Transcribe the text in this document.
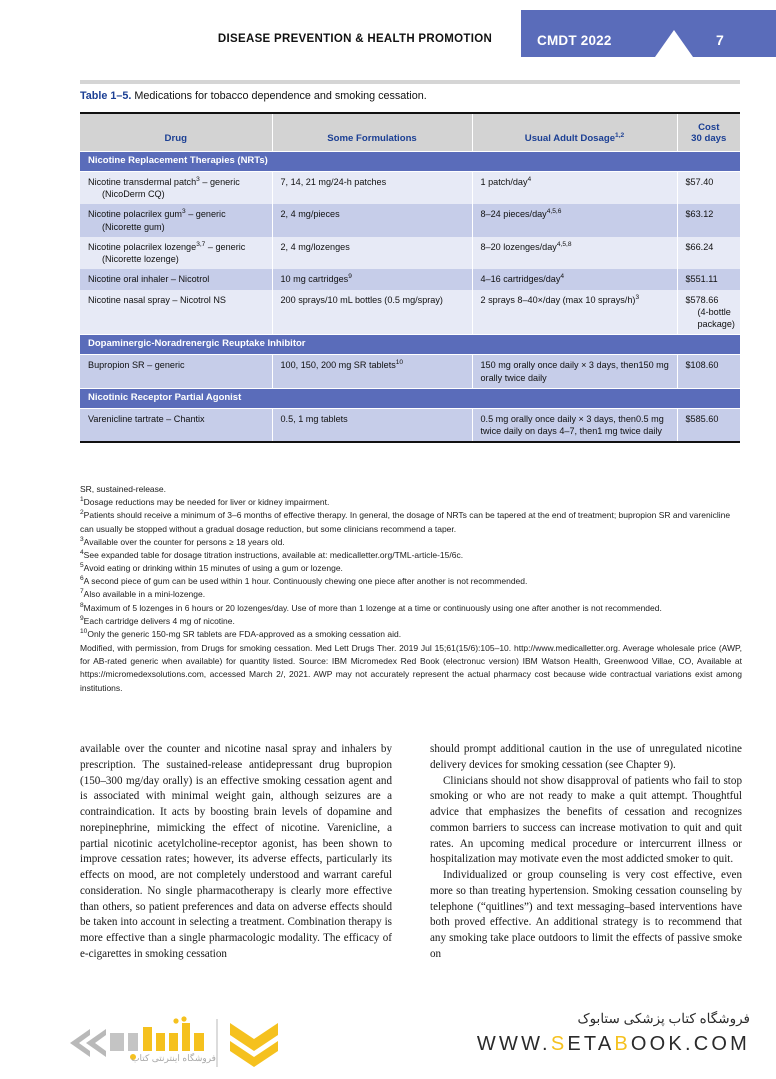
DISEASE PREVENTION & HEALTH PROMOTION	CMDT 2022	7
Table 1–5. Medications for tobacco dependence and smoking cessation.
Drug	Some Formulations	Usual Adult Dosage$^{1,2}$	Cost
30 days
Nicotine Replacement Therapies (NRTs)			
Nicotine transdermal patch$^3$ – generic
(NicoDerm CQ)	7, 14, 21 mg/24-h patches	1 patch/day$^4$	$57.40
Nicotine polacrilex gum$^3$ – generic
(Nicorette gum)	2, 4 mg/pieces	8–24 pieces/day$^{4,5,6}$	$63.12
Nicotine polacrilex lozenge$^{3,7}$ – generic
(Nicorette lozenge)	2, 4 mg/lozenges	8–20 lozenges/day$^{4,5,8}$	$66.24
Nicotine oral inhaler – Nicotrol	10 mg cartridges$^9$	4–16 cartridges/day$^4$	$551.11
Nicotine nasal spray – Nicotrol NS	200 sprays/10 mL bottles (0.5 mg/spray)	2 sprays 8–40×/day (max 10 sprays/h)$^3$	$578.66
(4-bottle
package)

Dopaminergic-Noradrenergic Reuptake Inhibitor			
Bupropion SR – generic	100, 150, 200 mg SR tablets$^{10}$	150 mg orally once daily × 3 days, then150 mg orally twice daily	$108.60
Nicotinic Receptor Partial Agonist			
Varenicline tartrate – Chantix	0.5, 1 mg tablets	0.5 mg orally once daily × 3 days, then0.5 mg twice daily on days 4–7, then1 mg twice daily	$585.60

SR, sustained-release.

$^1$Dosage reductions may be needed for liver or kidney impairment.

$^2$Patients should receive a minimum of 3–6 months of effective therapy. In general, the dosage of NRTs can be tapered at the end of treatment; bupropion SR and varenicline can usually be stopped without a gradual dosage reduction, but some clinicians recommend a taper.

$^3$Available over the counter for persons ≥ 18 years old.

$^4$See expanded table for dosage titration instructions, available at: medicalletter.org/TML-article-15/6c.

$^5$Avoid eating or drinking within 15 minutes of using a gum or lozenge.

$^6$A second piece of gum can be used within 1 hour. Continuously chewing one piece after another is not recommended.

$^7$Also available in a mini-lozenge.

$^8$Maximum of 5 lozenges in 6 hours or 20 lozenges/day. Use of more than 1 lozenge at a time or continuously using one after another is not recommended.

$^9$Each cartridge delivers 4 mg of nicotine.

$^{10}$Only the generic 150-mg SR tablets are FDA-approved as a smoking cessation aid.

Modified, with permission, from Drugs for smoking cessation. Med Lett Drugs Ther. 2019 Jul 15;61(15/6):105–10. http://www.medicalletter.org. Average wholesale price (AWP, for AB-rated generic when available) for quantity listed. Source: IBM Micromedex Red Book (electronuc version) IBM Watson Health, Greenwood Villae, CO, Available at https://micromedexsolutions.com, accessed March 2/, 2021. AWP may not accurately represent the actual pharmacy cost because wide contractual variations exist among institutions.

available over the counter and nicotine nasal spray and inhalers by prescription. The sustained-release antidepressant drug bupropion (150–300 mg/day orally) is an effective smoking cessation agent and is associated with minimal weight gain, although seizures are a contraindication. It acts by boosting brain levels of dopamine and norepinephrine, mimicking the effect of nicotine. Varenicline, a partial nicotinic acetylcholine-receptor agonist, has been shown to improve cessation rates; however, its adverse effects, particularly its effects on mood, are not completely understood and warrant careful consideration. No single pharmacotherapy is clearly more effective than others, so patient preferences and data on adverse effects should be taken into account in selecting a treatment. Combination therapy is more effective than a single pharmacologic modality. The efficacy of e-cigarettes in smoking cessation

should prompt additional caution in the use of unregulated nicotine delivery devices for smoking cessation (see Chapter 9).

Clinicians should not show disapproval of patients who fail to stop smoking or who are not ready to make a quit attempt. Thoughtful advice that emphasizes the benefits of cessation and recognizes common barriers to success can increase motivation to quit and quit rates. An upcoming medical procedure or intercurrent illness or hospitalization may motivate even the most addicted smoker to quit.

Individualized or group counseling is very cost effective, even more so than treating hypertension. Smoking cessation counseling by telephone (“quitlines”) and text messaging–based interventions have both proved effective. An additional strategy is to recommend that any smoking take place outdoors to limit the effects of passive smoke on

فروشگاه اینترنتی کتاب
فروشگاه کتاب پزشکی ستابوک
WWW.SETABOOK.COM
